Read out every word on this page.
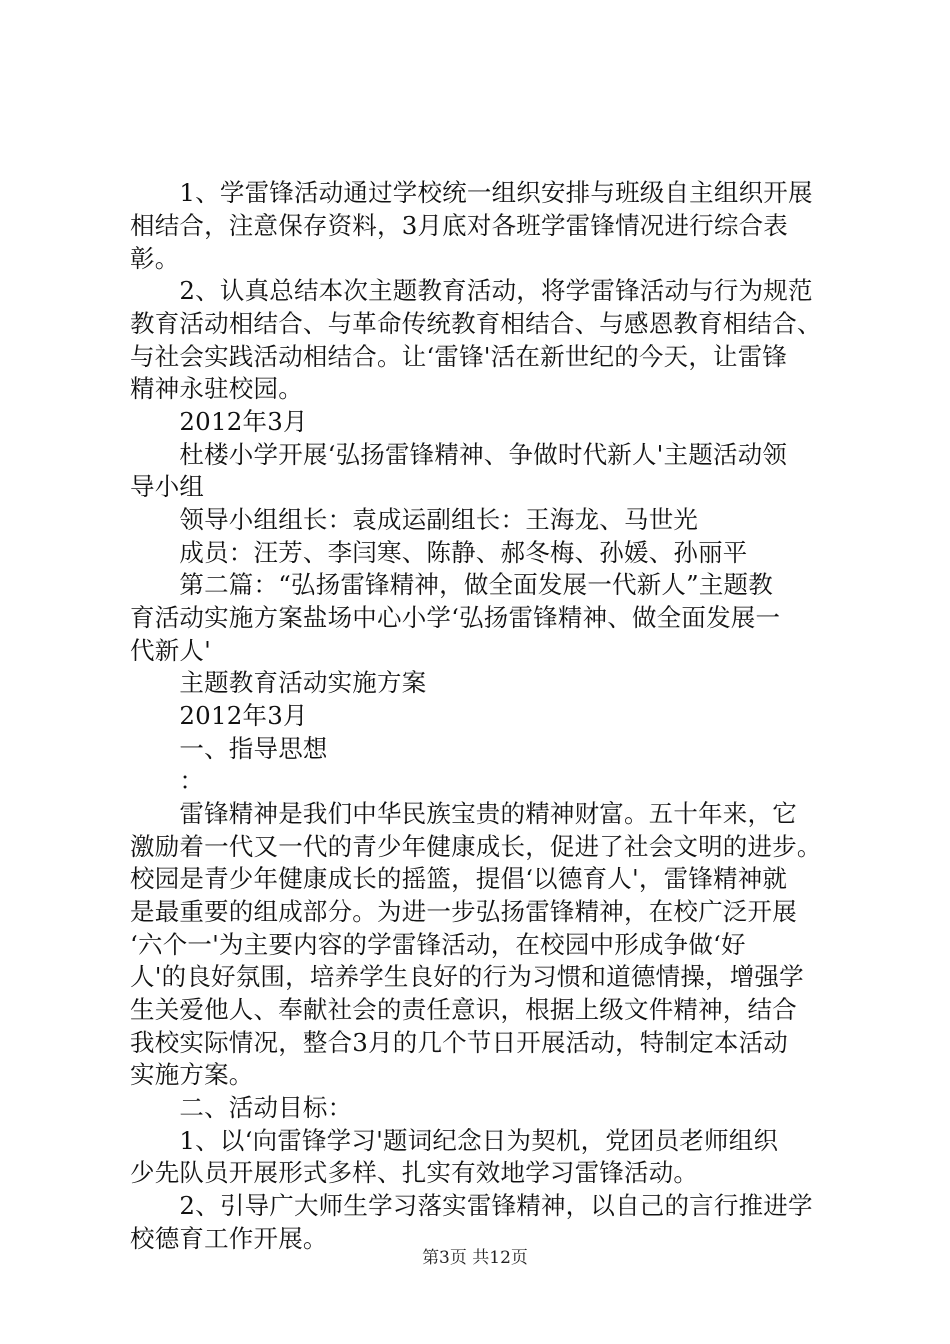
　　1、学雷锋活动通过学校统一组织安排与班级自主组织开展
相结合，注意保存资料，3月底对各班学雷锋情况进行综合表
彰。
　　2、认真总结本次主题教育活动，将学雷锋活动与行为规范
教育活动相结合、与革命传统教育相结合、与感恩教育相结合、
与社会实践活动相结合。让‘雷锋'活在新世纪的今天，让雷锋
精神永驻校园。
　　2012年3月
　　杜楼小学开展‘弘扬雷锋精神、争做时代新人'主题活动领
导小组
　　领导小组组长：袁成运副组长：王海龙、马世光
　　成员：汪芳、李闫寒、陈静、郝冬梅、孙媛、孙丽平
　　第二篇：“弘扬雷锋精神，做全面发展一代新人”主题教
育活动实施方案盐场中心小学‘弘扬雷锋精神、做全面发展一
代新人'
　　主题教育活动实施方案
　　2012年3月
　　一、指导思想
　　：
　　雷锋精神是我们中华民族宝贵的精神财富。五十年来，它
激励着一代又一代的青少年健康成长，促进了社会文明的进步。
校园是青少年健康成长的摇篮，提倡‘以德育人'，雷锋精神就
是最重要的组成部分。为进一步弘扬雷锋精神，在校广泛开展
‘六个一'为主要内容的学雷锋活动，在校园中形成争做‘好
人'的良好氛围，培养学生良好的行为习惯和道德情操，增强学
生关爱他人、奉献社会的责任意识，根据上级文件精神，结合
我校实际情况，整合3月的几个节日开展活动，特制定本活动
实施方案。
　　二、活动目标：
　　1、以‘向雷锋学习'题词纪念日为契机，党团员老师组织
少先队员开展形式多样、扎实有效地学习雷锋活动。
　　2、引导广大师生学习落实雷锋精神，以自己的言行推进学
校德育工作开展。
第3页 共12页
